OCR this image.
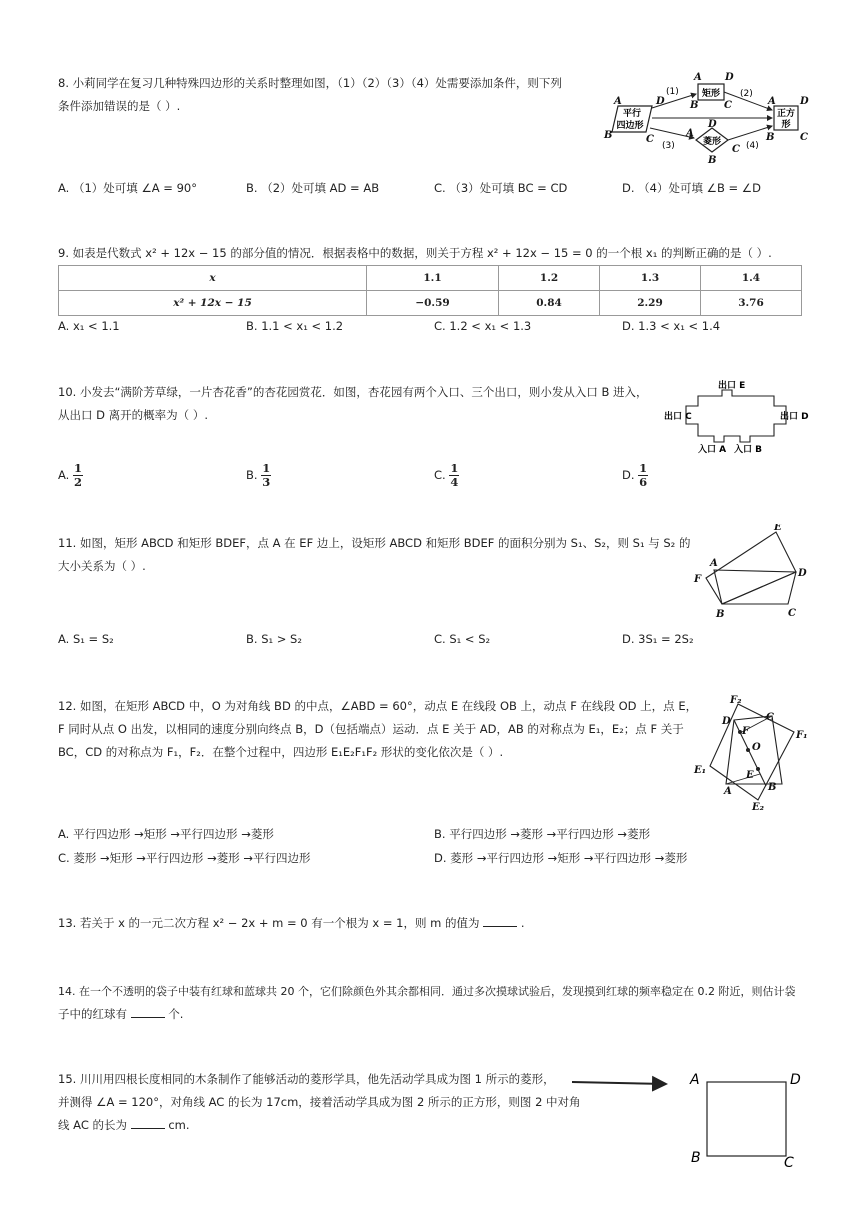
8. 小莉同学在复习几种特殊四边形的关系时整理如图，（1）（2）（3）（4）处需要添加条件，则下列
条件添加错误的是（ ）.
平行
四边形
矩形
菱形
正方
形
(1)	(2)
(3)	(4)
A	D
B	C
A D
B	C
D
A
C
B
A D
B	C
A. （1）处可填 ∠A = 90°	B. （2）处可填 AD = AB	C. （3）处可填 BC = CD	D. （4）处可填 ∠B = ∠D
9. 如表是代数式 x² + 12x − 15 的部分值的情况．根据表格中的数据，则关于方程 x² + 12x − 15 = 0 的一个根 x₁ 的判断正确的是（ ）.
x	1.1	1.2	1.3	1.4
x² + 12x − 15	−0.59	0.84	2.29	3.76
A. x₁ < 1.1	B. 1.1 < x₁ < 1.2	C. 1.2 < x₁ < 1.3	D. 1.3 < x₁ < 1.4
10. 小发去“满阶芳草绿，一片杏花香”的杏花园赏花．如图，杏花园有两个入口、三个出口，则小发从入口 B 进入，
从出口 D 离开的概率为（ ）.
出口 E
出口 C	出口 D
入口 A 入口 B
A. $\frac{1}{2}$	B. $\frac{1}{3}$	C. $\frac{1}{4}$	D. $\frac{1}{6}$
11. 如图，矩形 ABCD 和矩形 BDEF，点 A 在 EF 边上，设矩形 ABCD 和矩形 BDEF 的面积分别为 S₁、S₂，则 S₁ 与 S₂ 的
大小关系为（ ）.
E
F
A
D
B	C
A. S₁ = S₂	B. S₁ > S₂	C. S₁ < S₂	D. 3S₁ = 2S₂
12. 如图，在矩形 ABCD 中，O 为对角线 BD 的中点，∠ABD = 60°，动点 E 在线段 OB 上，动点 F 在线段 OD 上，点 E，
F 同时从点 O 出发，以相同的速度分别向终点 B，D（包括端点）运动．点 E 关于 AD，AB 的对称点为 E₁，E₂；点 F 关于
BC，CD 的对称点为 F₁，F₂．在整个过程中，四边形 E₁E₂F₁F₂ 形状的变化依次是（ ）.
F₂
D	C
F₁
F
O
E
E₁
B
A
E₂
A. 平行四边形 →矩形 →平行四边形 →菱形	B. 平行四边形 →菱形 →平行四边形 →菱形
C. 菱形 →矩形 →平行四边形 →菱形 →平行四边形	D. 菱形 →平行四边形 →矩形 →平行四边形 →菱形
13. 若关于 x 的一元二次方程 x² − 2x + m = 0 有一个根为 x = 1，则 m 的值为	.
14. 在一个不透明的袋子中装有红球和蓝球共 20 个，它们除颜色外其余都相同．通过多次摸球试验后，发现摸到红球的频率稳定在 0.2 附近，则估计袋
子中的红球有	个.
15. 川川用四根长度相同的木条制作了能够活动的菱形学具，他先活动学具成为图 1 所示的菱形，
并测得 ∠A = 120°，对角线 AC 的长为 17cm，接着活动学具成为图 2 所示的正方形，则图 2 中对角
线 AC 的长为	cm.
A	D
B	C
